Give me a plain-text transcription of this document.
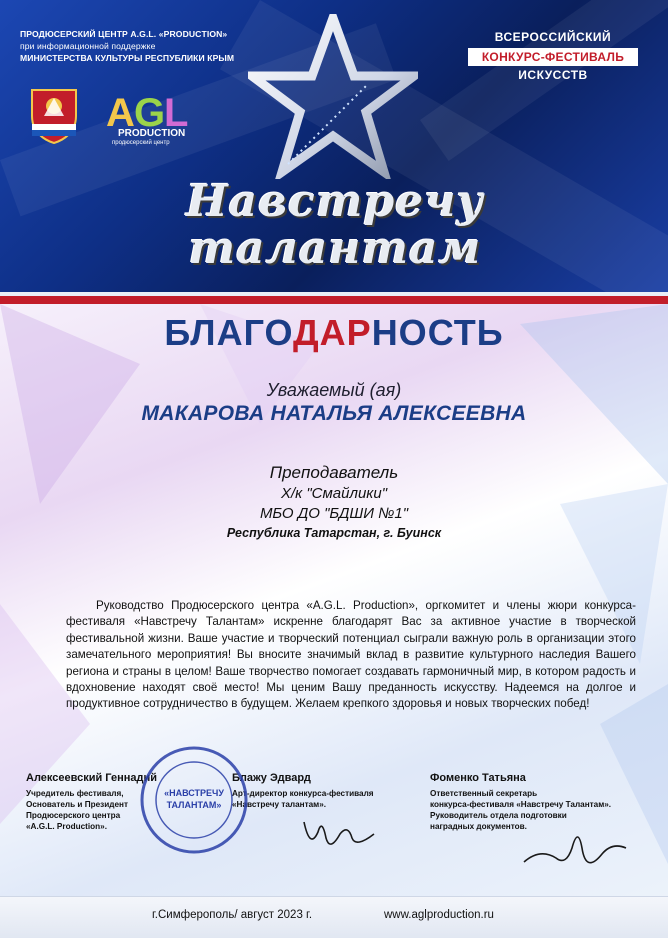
ПРОДЮСЕРСКИЙ ЦЕНТР A.G.L. «PRODUCTION»
при информационной поддержке
МИНИСТЕРСТВА КУЛЬТУРЫ РЕСПУБЛИКИ КРЫМ
A G
L
PRODUCTION
продюсерский центр
ВСЕРОССИЙСКИЙ
КОНКУРС-ФЕСТИВАЛЬ
ИСКУССТВ
Навстречу
талантам
БЛАГОДАРНОСТЬ
Уважаемый (ая)
МАКАРОВА НАТАЛЬЯ АЛЕКСЕЕВНА
Преподаватель
Х/к "Смайлики"
МБО ДО "БДШИ №1"
Республика Татарстан, г. Буинск
Руководство Продюсерского центра «A.G.L. Production», оргкомитет и члены жюри конкурса-фестиваля «Навстречу Талантам» искренне благодарят Вас за активное участие в творческой фестивальной жизни. Ваше участие и творческий потенциал сыграли важную роль в организации этого замечательного мероприятия! Вы вносите значимый вклад в развитие культурного наследия Вашего региона и страны в целом! Ваше творчество помогает создавать гармоничный мир, в котором радость и вдохновение находят своё место! Мы ценим Вашу преданность искусству. Надеемся на долгое и продуктивное сотрудничество в будущем. Желаем крепкого здоровья и новых творческих побед!
Алексеевский Геннадий
Учредитель фестиваля,
Основатель и Президент
Продюсерского центра
«A.G.L. Production».
Блажу Эдвард
Арт-директор конкурса-фестиваля
«Навстречу талантам».
Фоменко Татьяна
Ответственный секретарь
конкурса-фестиваля «Навстречу Талантам».
Руководитель отдела подготовки
наградных документов.
«НАВСТРЕЧУ
ТАЛАНТАМ»
г.Симферополь/ август 2023 г.	www.aglproduction.ru
